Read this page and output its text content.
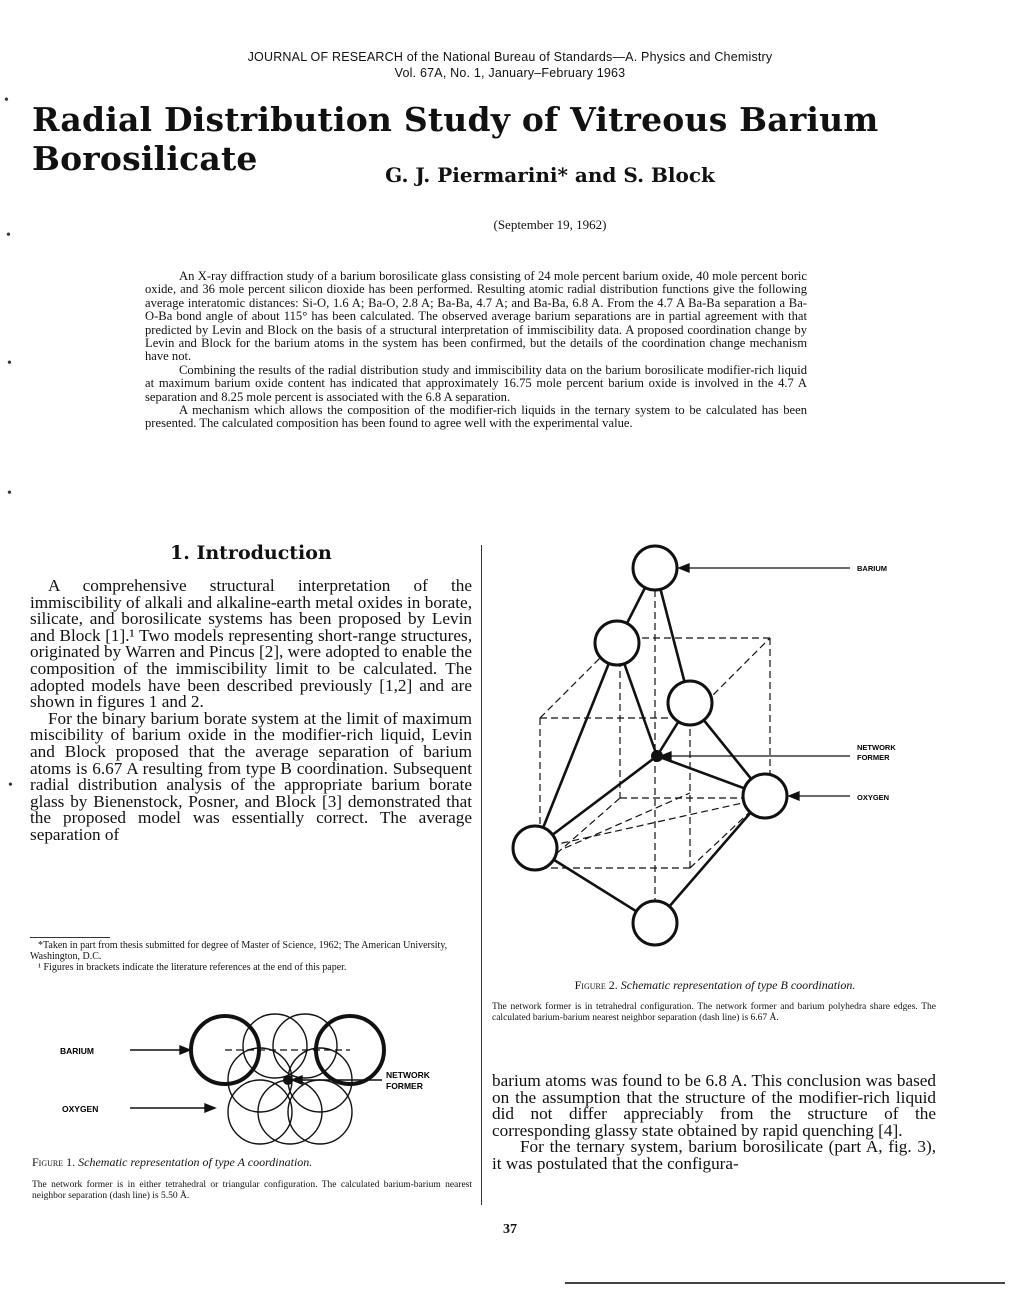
JOURNAL OF RESEARCH of the National Bureau of Standards—A. Physics and Chemistry
Vol. 67A, No. 1, January–February 1963
Radial Distribution Study of Vitreous Barium Borosilicate	G. J. Piermarini* and S. Block
(September 19, 1962)

An X-ray diffraction study of a barium borosilicate glass consisting of 24 mole percent barium oxide, 40 mole percent boric oxide, and 36 mole percent silicon dioxide has been performed. Resulting atomic radial distribution functions give the following average interatomic distances: Si-O, 1.6 A; Ba-O, 2.8 A; Ba-Ba, 4.7 A; and Ba-Ba, 6.8 A. From the 4.7 A Ba-Ba separation a Ba-O-Ba bond angle of about 115° has been calculated. The observed average barium separations are in partial agreement with that predicted by Levin and Block on the basis of a structural interpretation of immiscibility data. A proposed coordination change by Levin and Block for the barium atoms in the system has been confirmed, but the details of the coordination change mechanism have not.

Combining the results of the radial distribution study and immiscibility data on the barium borosilicate modifier-rich liquid at maximum barium oxide content has indicated that approximately 16.75 mole percent barium oxide is involved in the 4.7 A separation and 8.25 mole percent is associated with the 6.8 A separation.

A mechanism which allows the composition of the modifier-rich liquids in the ternary system to be calculated has been presented. The calculated composition has been found to agree well with the experimental value.

•
•
•
•
•
1. Introduction

A comprehensive structural interpretation of the immiscibility of alkali and alkaline-earth metal oxides in borate, silicate, and borosilicate systems has been proposed by Levin and Block [1].¹ Two models representing short-range structures, originated by Warren and Pincus [2], were adopted to enable the composition of the immiscibility limit to be calculated. The adopted models have been described previously [1,2] and are shown in figures 1 and 2.

For the binary barium borate system at the limit of maximum miscibility of barium oxide in the modifier-rich liquid, Levin and Block proposed that the average separation of barium atoms is 6.67 A resulting from type B coordination. Subsequent radial distribution analysis of the appropriate barium borate glass by Bienenstock, Posner, and Block [3] demonstrated that the proposed model was essentially correct. The average separation of

*Taken in part from thesis submitted for degree of Master of Science, 1962; The American University, Washington, D.C.

¹ Figures in brackets indicate the literature references at the end of this paper.

BARIUM
NETWORK
FORMER
OXYGEN
Figure 2. Schematic representation of type B coordination.
The network former is in tetrahedral configuration. The network former and barium polyhedra share edges. The calculated barium-barium nearest neighbor separation (dash line) is 6.67 Å.
BARIUM
OXYGEN
NETWORK
FORMER
Figure 1. Schematic representation of type A coordination.
The network former is in either tetrahedral or triangular configuration. The calculated barium-barium nearest neighbor separation (dash line) is 5.50 Å.

barium atoms was found to be 6.8 A. This conclusion was based on the assumption that the structure of the modifier-rich liquid did not differ appreciably from the structure of the corresponding glassy state obtained by rapid quenching [4].

For the ternary system, barium borosilicate (part A, fig. 3), it was postulated that the configura-

37
